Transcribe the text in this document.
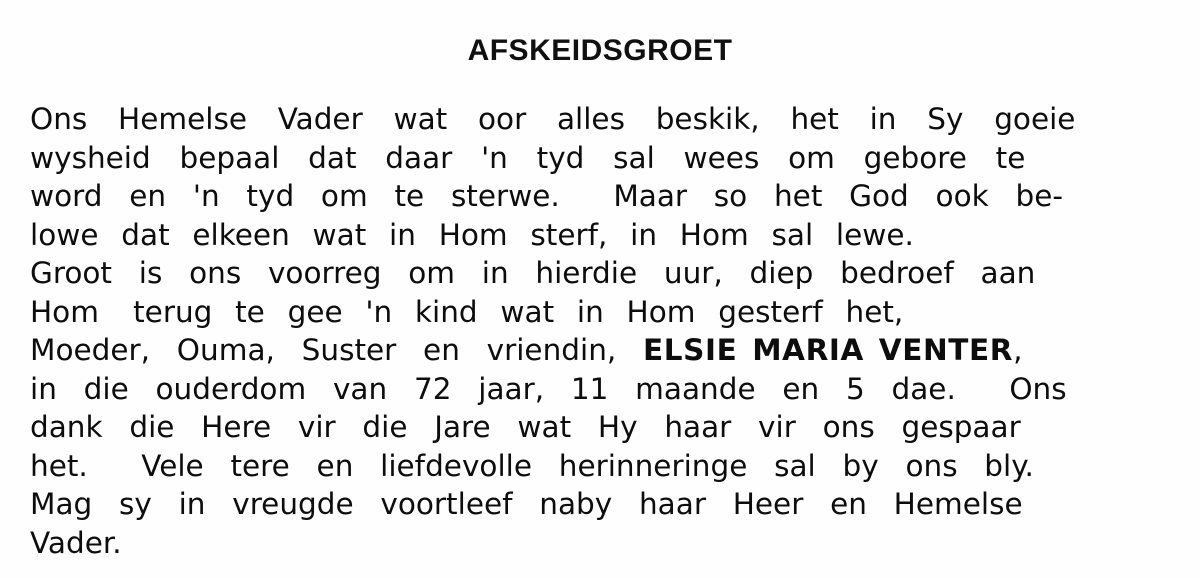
AFSKEIDSGROET
Ons  Hemelse  Vader  wat  oor  alles  beskik,  het  in  Sy  goeie
wysheid  bepaal  dat  daar  'n  tyd  sal  wees  om  gebore  te
word  en  'n  tyd  om  te  sterwe.    Maar  so  het  God  ook  be-
lowe  dat  elkeen  wat  in  Hom  sterf,  in  Hom  sal  lewe.
Groot  is  ons  voorreg  om  in  hierdie  uur,  diep  bedroef  aan
Hom   terug  te  gee  'n  kind  wat  in  Hom  gesterf  het,
Moeder,  Ouma,  Suster  en  vriendin,  ELSIE MARIA VENTER,
in  die  ouderdom  van  72  jaar,  11  maande  en  5  dae.    Ons
dank  die  Here  vir  die  Jare  wat  Hy  haar  vir  ons  gespaar
het.    Vele  tere  en  liefdevolle  herinneringe  sal  by  ons  bly.
Mag  sy  in  vreugde  voortleef  naby  haar  Heer  en  Hemelse
Vader.
